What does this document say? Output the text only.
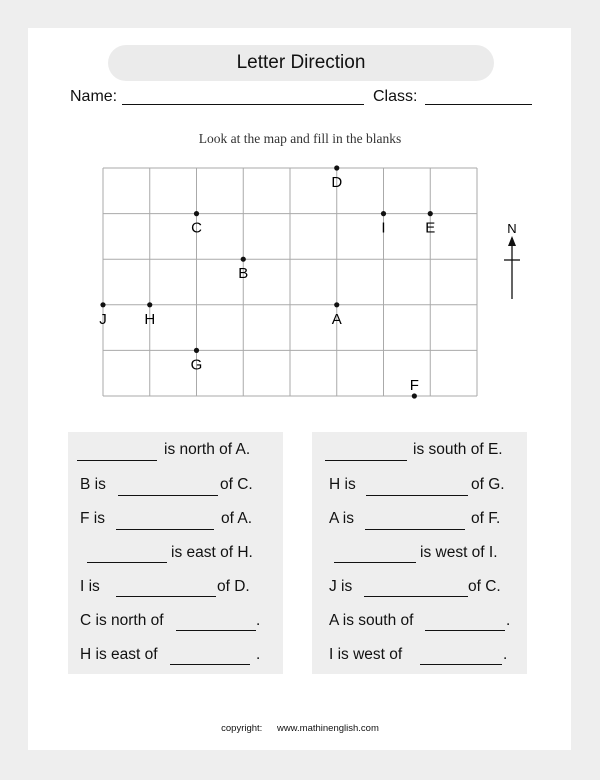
Letter Direction
Name:	Class:
Look at the map and fill in the blanks
D
C	I	E
B
J	H	A
G
F
N
is north of A.
B is	of C.
F is	of A.
is east of H.
I is	of D.
C is north of	.
H is east of	.
is south of E.
H is	of G.
A is	of F.
is west of I.
J is	of C.
A is south of	.
I is west of	.
copyright: www.mathinenglish.com
